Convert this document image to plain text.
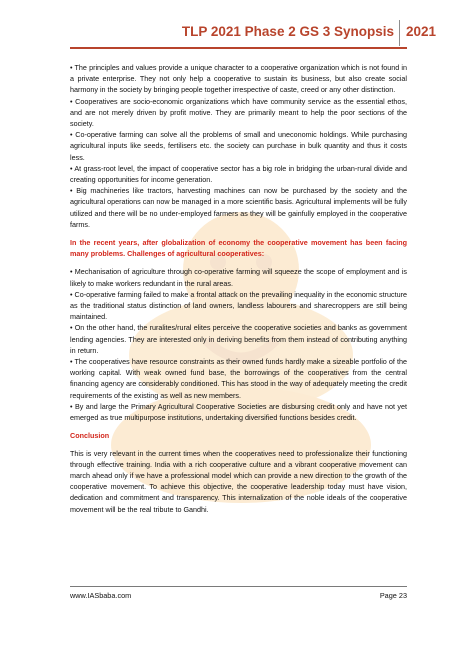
TLP 2021 Phase 2 GS 3 Synopsis 2021

• The principles and values provide a unique character to a cooperative organization which is not found in a private enterprise. They not only help a cooperative to sustain its business, but also create social harmony in the society by bringing people together irrespective of caste, creed or any other distinction.

• Cooperatives are socio-economic organizations which have community service as the essential ethos, and are not merely driven by profit motive. They are primarily meant to help the poor sections of the society.

• Co-operative farming can solve all the problems of small and uneconomic holdings. While purchasing agricultural inputs like seeds, fertilisers etc. the society can purchase in bulk quantity and thus it costs less.

• At grass-root level, the impact of cooperative sector has a big role in bridging the urban-rural divide and creating opportunities for income generation.

• Big machineries like tractors, harvesting machines can now be purchased by the society and the agricultural operations can now be managed in a more scientific basis. Agricultural implements will be fully utilized and there will be no under-employed farmers as they will be gainfully employed in the cooperative farms.

In the recent years, after globalization of economy the cooperative movement has been facing many problems. Challenges of agricultural cooperatives:

• Mechanisation of agriculture through co-operative farming will squeeze the scope of employment and is likely to make workers redundant in the rural areas.

• Co-operative farming failed to make a frontal attack on the prevailing inequality in the economic structure as the traditional status distinction of land owners, landless labourers and sharecroppers are still being maintained.

• On the other hand, the ruralites/rural elites perceive the cooperative societies and banks as government lending agencies. They are interested only in deriving benefits from them instead of contributing anything in return.

• The cooperatives have resource constraints as their owned funds hardly make a sizeable portfolio of the working capital. With weak owned fund base, the borrowings of the cooperatives from the central financing agency are considerably conditioned. This has stood in the way of adequately meeting the credit requirements of the existing as well as new members.

• By and large the Primary Agricultural Cooperative Societies are disbursing credit only and have not yet emerged as true multipurpose institutions, undertaking diversified functions besides credit.

Conclusion

This is very relevant in the current times when the cooperatives need to professionalize their functioning through effective training. India with a rich cooperative culture and a vibrant cooperative movement can march ahead only if we have a professional model which can provide a new direction to the growth of the cooperative movement. To achieve this objective, the cooperative leadership today must have vision, dedication and commitment and transparency. This internalization of the noble ideals of the cooperative movement will be the real tribute to Gandhi.

www.IASbaba.com	Page 23
